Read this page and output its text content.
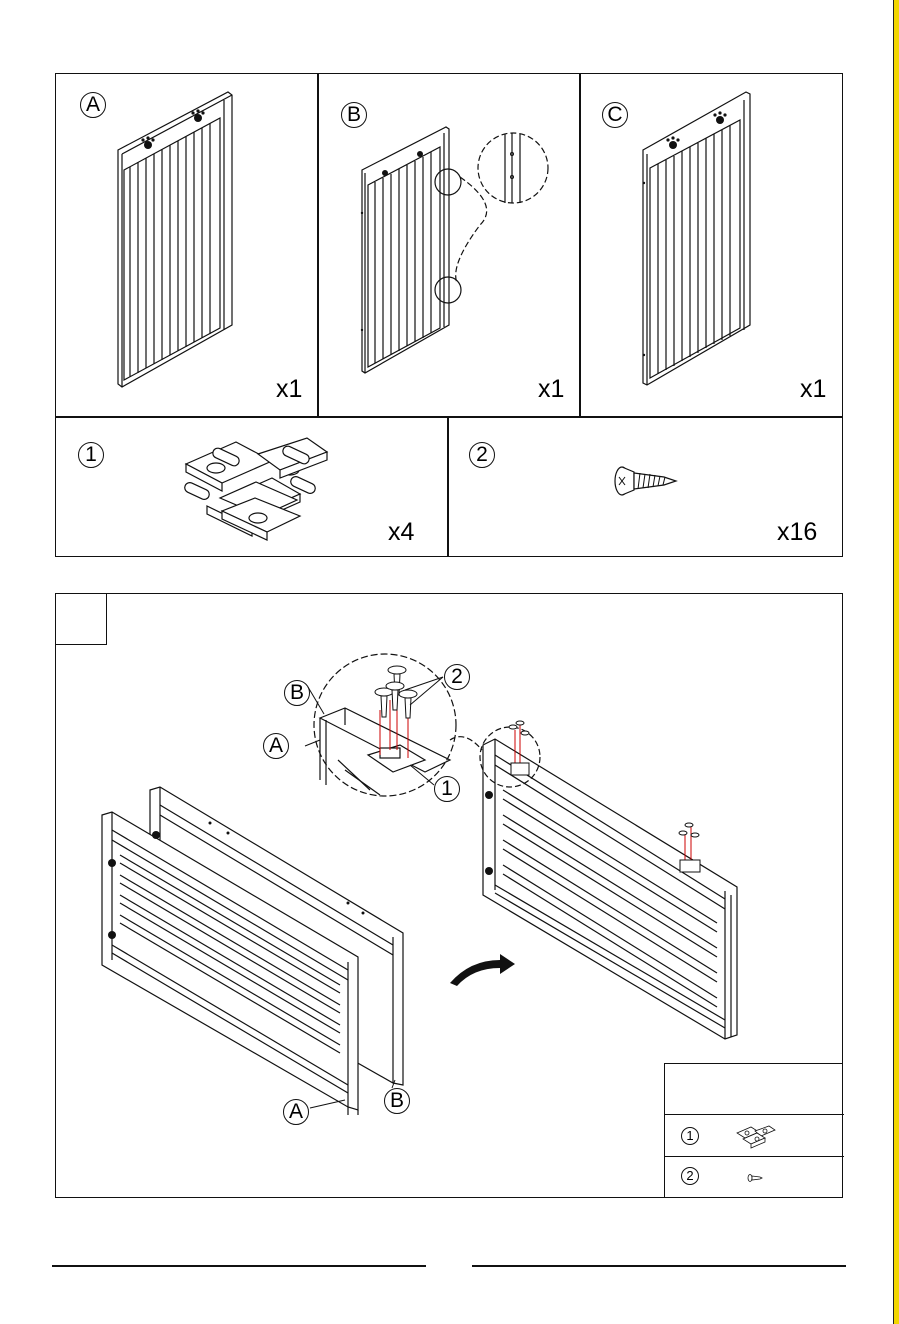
A	B	C
x1	x1	x1
1	2
x4	x16
B
A
2
1
A	B
1
2
